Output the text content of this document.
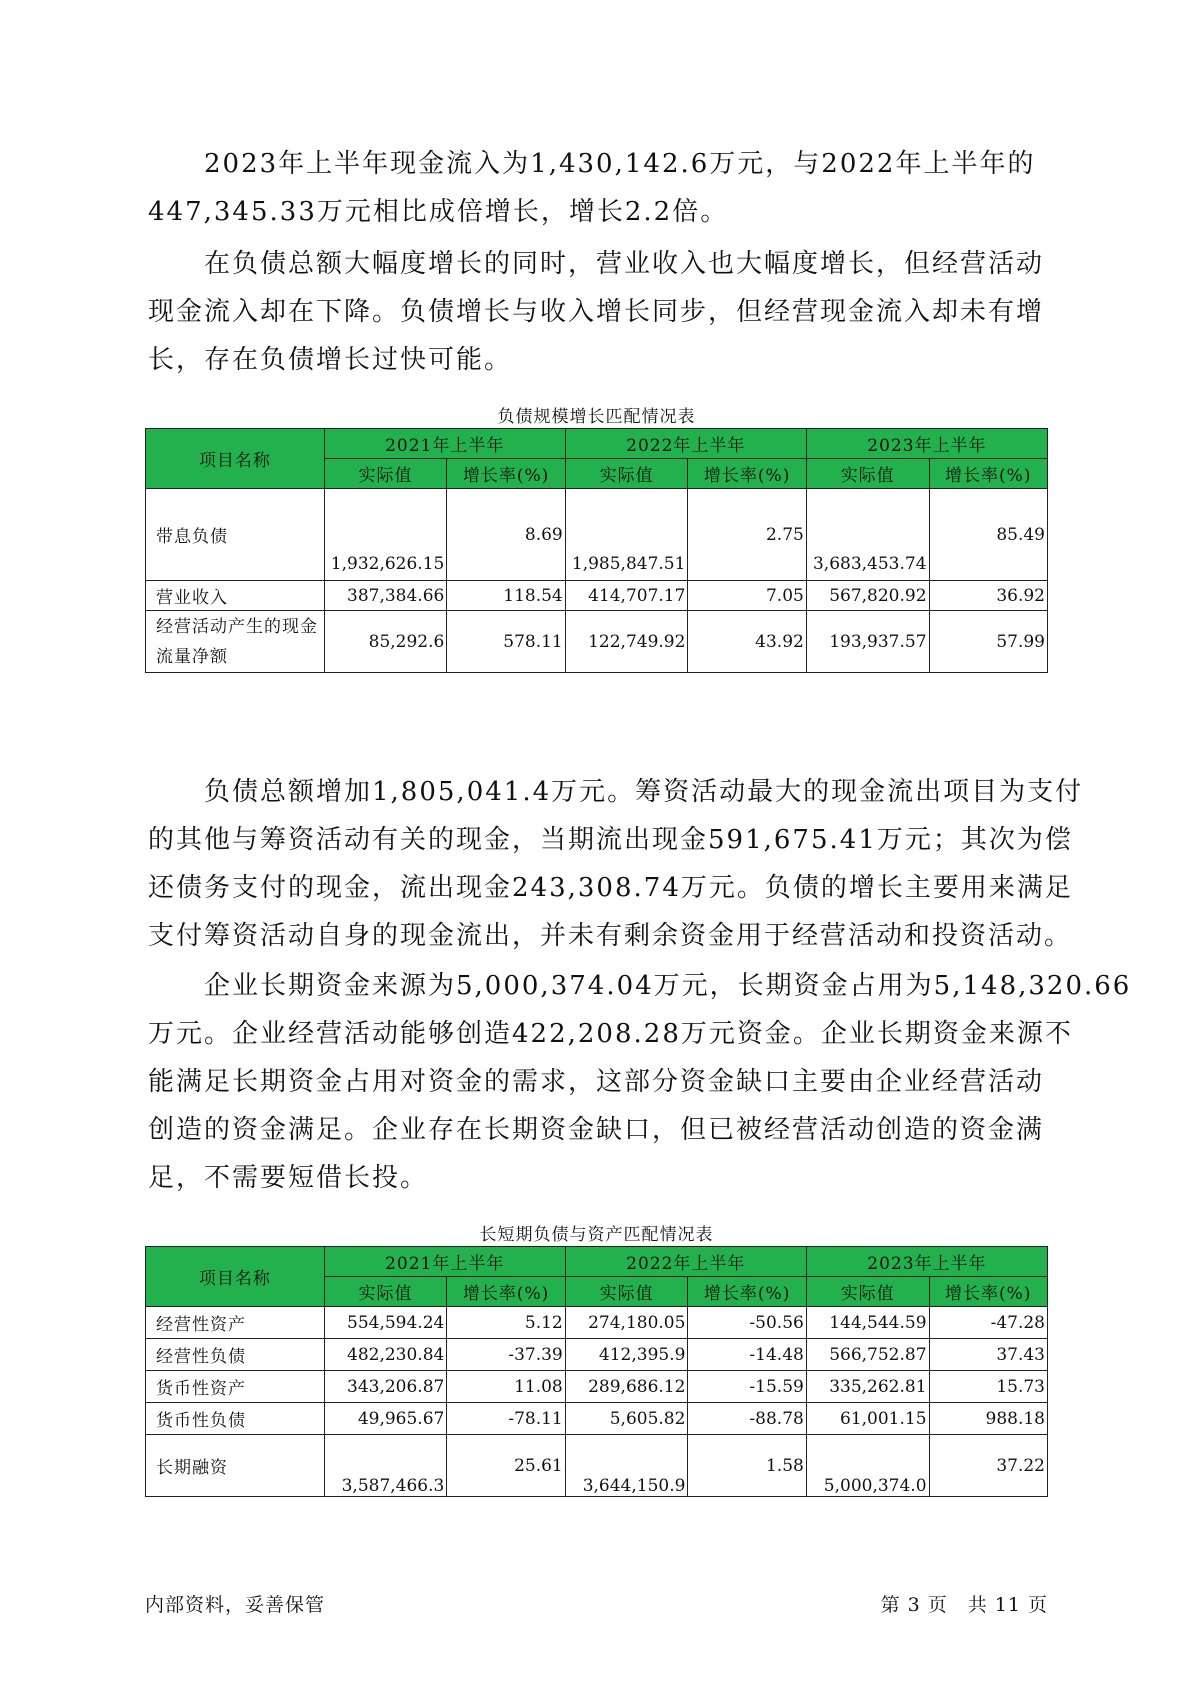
　　2023年上半年现金流入为1,430,142.6万元，与2022年上半年的
447,345.33万元相比成倍增长，增长2.2倍。
　　在负债总额大幅度增长的同时，营业收入也大幅度增长，但经营活动
现金流入却在下降。负债增长与收入增长同步，但经营现金流入却未有增
长，存在负债增长过快可能。
负债规模增长匹配情况表
项目名称	2021年上半年		2022年上半年		2023年上半年	
	实际值	增长率(%)	实际值	增长率(%)	实际值	增长率(%)
带息负债	1,932,626.15	8.69	1,985,847.51	2.75	3,683,453.74	85.49
营业收入	387,384.66	118.54	414,707.17	7.05	567,820.92	36.92
经营活动产生的现金流量净额	85,292.6	578.11	122,749.92	43.92	193,937.57	57.99
　　负债总额增加1,805,041.4万元。筹资活动最大的现金流出项目为支付
的其他与筹资活动有关的现金，当期流出现金591,675.41万元；其次为偿
还债务支付的现金，流出现金243,308.74万元。负债的增长主要用来满足
支付筹资活动自身的现金流出，并未有剩余资金用于经营活动和投资活动。
　　企业长期资金来源为5,000,374.04万元，长期资金占用为5,148,320.66
万元。企业经营活动能够创造422,208.28万元资金。企业长期资金来源不
能满足长期资金占用对资金的需求，这部分资金缺口主要由企业经营活动
创造的资金满足。企业存在长期资金缺口，但已被经营活动创造的资金满
足，不需要短借长投。
长短期负债与资产匹配情况表
项目名称	2021年上半年		2022年上半年		2023年上半年	
	实际值	增长率(%)	实际值	增长率(%)	实际值	增长率(%)
经营性资产	554,594.24	5.12	274,180.05	-50.56	144,544.59	-47.28
经营性负债	482,230.84	-37.39	412,395.9	-14.48	566,752.87	37.43
货币性资产	343,206.87	11.08	289,686.12	-15.59	335,262.81	15.73
货币性负债	49,965.67	-78.11	5,605.82	-88.78	61,001.15	988.18
长期融资	3,587,466.3	25.61	3,644,150.9	1.58	5,000,374.0	37.22
内部资料，妥善保管	第 3 页　共 11 页
